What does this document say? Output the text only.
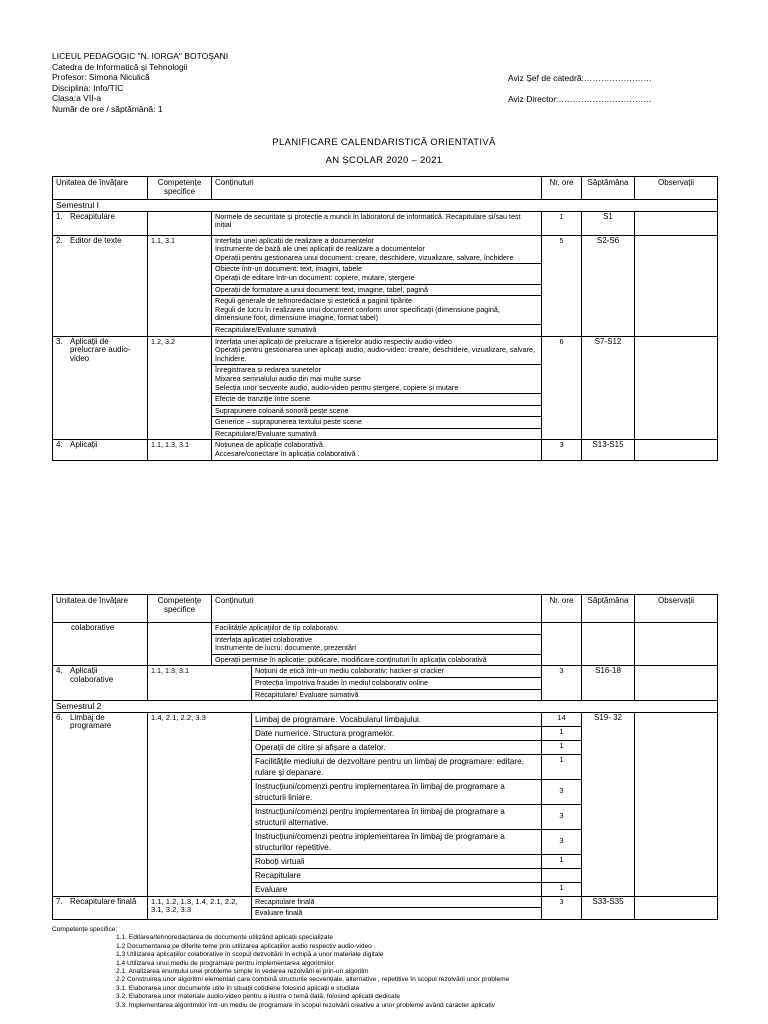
LICEUL PEDAGOGIC "N. IORGA" BOTOȘANI
Catedra de Informatică și Tehnologii
Profesor: Simona Niculică
Disciplina: Info/TIC
Clasa:a VII-a
Număr de ore / săptămână: 1
Aviz Șef de catedră:……………………
Aviz Director:……………………………
PLANIFICARE CALENDARISTICĂ ORIENTATIVĂ
AN ȘCOLAR 2020 – 2021
Unitatea de învățare	Competențe specifice	Conținuturi	Nr. ore	Săptămâna	Observații
Semestrul I					
1. Recapitulare		Normele de securitate și protecție a muncii în laboratorul de informatică. Recapitulare și/sau test inițial	1	S1	
2. Editor de texte	1.1, 3.1	Interfața unei aplicații de realizare a documentelor
Instrumente de bază ale unei aplicații de realizare a documentelor
Operații pentru gestionarea unui document: creare, deschidere, vizualizare, salvare, închidere	5	S2-S6	

		Obiecte într-un document: text, imagini, tabele
Operații de editare într-un document: copiere, mutare, ștergere			

		Operații de formatare a unui document: text, imagine, tabel, pagină			

		Reguli generale de tehnoredactare și estetică a paginii tipărite
Reguli de lucru în realizarea unui document conform unor specificații (dimensiune pagină, dimensiune font, dimensiune imagine, format tabel)			

		Recapitulare/Evaluare sumativă			
3. Aplicații de prelucrare audio-video	1.2, 3.2	Interfața unei aplicații de prelucrare a fișierelor audio respectiv audio-video
Operații pentru gestionarea unei aplicații audio, audio-video: creare, deschidere, vizualizare, salvare, închidere.	6	S7-S12	

		Înregistrarea și redarea sunetelor
Mixarea semnalului audio din mai multe surse
Selecția unor secvente audio, audio-video pentru ștergere, copiere și mutare			

		Efecte de tranziție între scene			
		Suprapunere coloană sonoră peste scene			
		Generice – suprapunerea textului peste scene			
		Recapitulare/Evaluare sumativă			
4. Aplicații	1.1, 1.3, 3.1	Noțiunea de aplicație colaborativă.
Accesare/conectare în aplicația colaborativă .	3	S13-S15	
Unitatea de învățare	Competențe specifice	Conținuturi		Nr. ore	Săptămâna	Observații
colaborative		Facilitățile aplicațiilor de tip colaborativ.				

		Interfața aplicației colaborative
Instrumente de lucru: documente, prezentări				

		Operații permise în aplicație: publicare, modificare conținuturi în aplicația colaborativă				

4. Aplicații colaborative	1.1, 1.3, 3.1		Noțiuni de etică într-un mediu colaborativ; hacker și cracker	3	S16-18	
			Protecția împotriva fraudei în mediul colaborativ online			
			Recapitulare/ Evaluare sumativă			
Semestrul 2						
6. Limbaj de programare	1.4, 2.1, 2.2, 3.3		Limbaj de programare. Vocabularul limbajului.	14	S19- 32	
			Date numerice. Structura programelor.	1		
			Operații de citire și afișare a datelor.	1		
			Facilitățile mediului de dezvoltare pentru un limbaj de programare: editare, rulare și depanare.	1		
			Instrucțiuni/comenzi pentru implementarea în limbaj de programare a structurii liniare.	3		
			Instrucțiuni/comenzi pentru implementarea în limbaj de programare a structurii alternative.	3		
			Instrucțiuni/comenzi pentru implementarea în limbaj de programare a structurilor repetitive.	3		
			Roboți virtuali	1		
			Recapitulare			
			Evaluare	1		
7. Recapitulare finală	1.1, 1.2, 1.3, 1.4, 2.1, 2.2, 3.1, 3.2, 3.3		Recapitulare finală	3	S33-S35	
			Evaluare finală			
Competențe specifice:
1.1. Editarea/tehnoredactarea de documente utilizând aplicații specializate
1.2 Documentarea pe diferite teme prin utilizarea aplicațiilor audio respectiv audio-video
1.3 Utilizarea aplicațiilor colaborative în scopul dezvoltării în echipă a unor materiale digitale
1.4 Utilizarea unui mediu de programare pentru implementarea algoritmilor
2.1. Analizarea enunțului unei probleme simple în vederea rezolvării ei prin-un algoritm
2.2 Construirea unor algoritmi elementari care combină structurile secvențiale, alternative , repetitive în scopul rezolvării unor probleme
3.1. Elaborarea unor documente utile în situații cotidiene folosind aplicații e studiate
3.2. Elaborarea unor materiale audio-video pentru a ilustra o temă dată, folosind aplicații dedicate
3.3. Implementarea algoritmilor într-un mediu de programare în scopul rezolvării creative a unor probleme având caracter aplicativ
